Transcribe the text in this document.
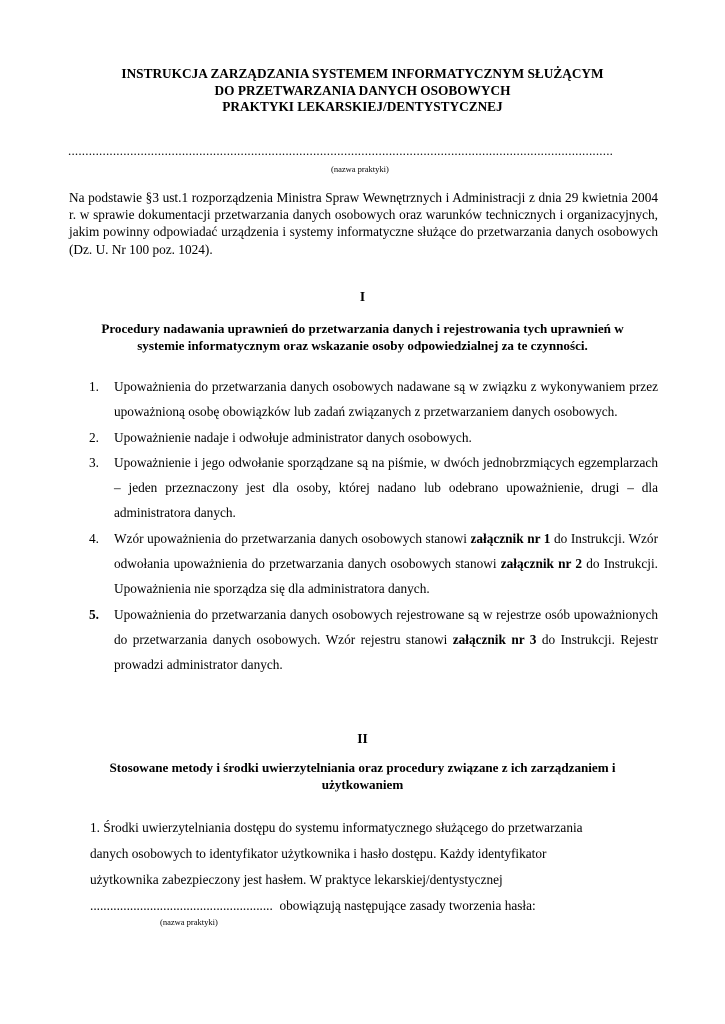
INSTRUKCJA ZARZĄDZANIA SYSTEMEM INFORMATYCZNYM SŁUŻĄCYM
DO PRZETWARZANIA DANYCH OSOBOWYCH
PRAKTYKI LEKARSKIEJ/DENTYSTYCZNEJ
..............................................................................................................................................................
(nazwa praktyki)
Na podstawie §3 ust.1 rozporządzenia Ministra Spraw Wewnętrznych i Administracji z dnia 29 kwietnia 2004 r. w sprawie dokumentacji przetwarzania danych osobowych oraz warunków technicznych i organizacyjnych, jakim powinny odpowiadać urządzenia i systemy informatyczne służące do przetwarzania danych osobowych (Dz. U. Nr 100 poz. 1024).
I
Procedury nadawania uprawnień do przetwarzania danych i rejestrowania tych uprawnień w
systemie informatycznym oraz wskazanie osoby odpowiedzialnej za te czynności.
1. Upoważnienia do przetwarzania danych osobowych nadawane są w związku z wykonywaniem przez upoważnioną osobę obowiązków lub zadań związanych z przetwarzaniem danych osobowych.
2. Upoważnienie nadaje i odwołuje administrator danych osobowych.
3. Upoważnienie i jego odwołanie sporządzane są na piśmie, w dwóch jednobrzmiących egzemplarzach – jeden przeznaczony jest dla osoby, której nadano lub odebrano upoważnienie, drugi – dla administratora danych.
4. Wzór upoważnienia do przetwarzania danych osobowych stanowi załącznik nr 1 do Instrukcji. Wzór odwołania upoważnienia do przetwarzania danych osobowych stanowi załącznik nr 2 do Instrukcji. Upoważnienia nie sporządza się dla administratora danych.
5. Upoważnienia do przetwarzania danych osobowych rejestrowane są w rejestrze osób upoważnionych do przetwarzania danych osobowych. Wzór rejestru stanowi załącznik nr 3 do Instrukcji. Rejestr prowadzi administrator danych.
II
Stosowane metody i środki uwierzytelniania oraz procedury związane z ich zarządzaniem i
użytkowaniem
1. Środki uwierzytelniania dostępu do systemu informatycznego służącego do przetwarzania
danych osobowych to identyfikator użytkownika i hasło dostępu. Każdy identyfikator
użytkownika zabezpieczony jest hasłem. W praktyce lekarskiej/dentystycznej
....................................................... obowiązują następujące zasady tworzenia hasła:
(nazwa praktyki)
